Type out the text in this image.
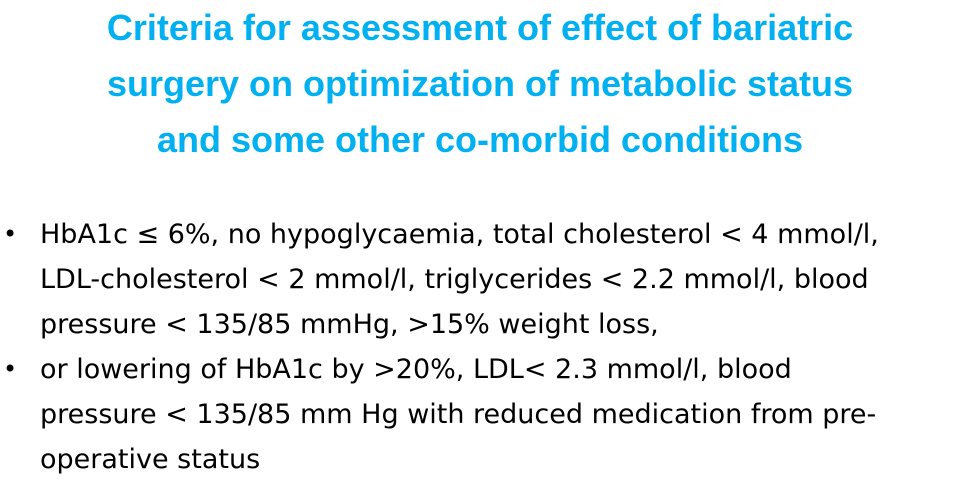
Criteria for assessment of effect of bariatric
surgery on optimization of metabolic status
and some other co-morbid conditions
• HbA1c ≤ 6%, no hypoglycaemia, total cholesterol < 4 mmol/l,
LDL-cholesterol < 2 mmol/l, triglycerides < 2.2 mmol/l, blood
pressure < 135/85 mmHg, >15% weight loss,
• or lowering of HbA1c by >20%, LDL< 2.3 mmol/l, blood
pressure < 135/85 mm Hg with reduced medication from pre-
operative status
